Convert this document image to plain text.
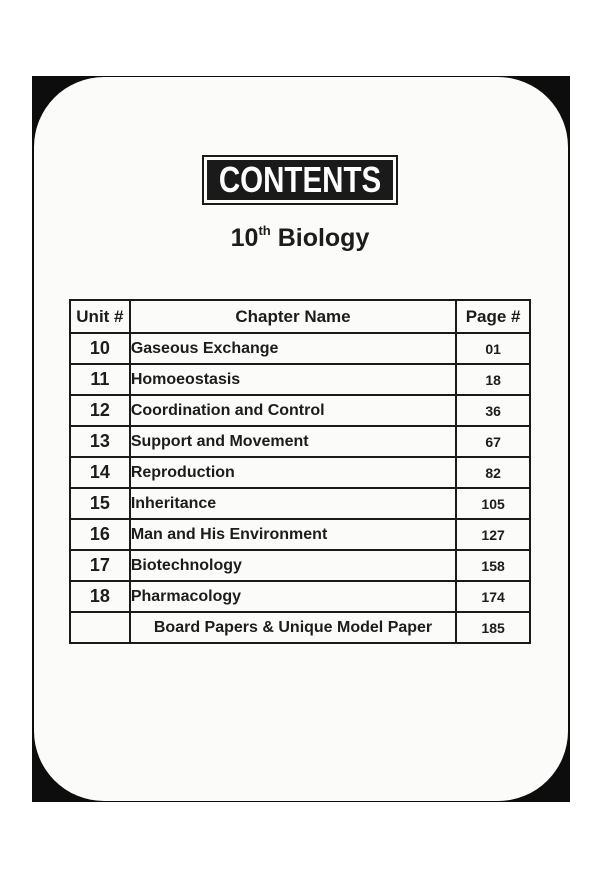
CONTENTS
10th Biology
Unit #	Chapter Name	Page #
10	Gaseous Exchange	01
11	Homoeostasis	18
12	Coordination and Control	36
13	Support and Movement	67
14	Reproduction	82
15	Inheritance	105
16	Man and His Environment	127
17	Biotechnology	158
18	Pharmacology	174
	Board Papers & Unique Model Paper	185
